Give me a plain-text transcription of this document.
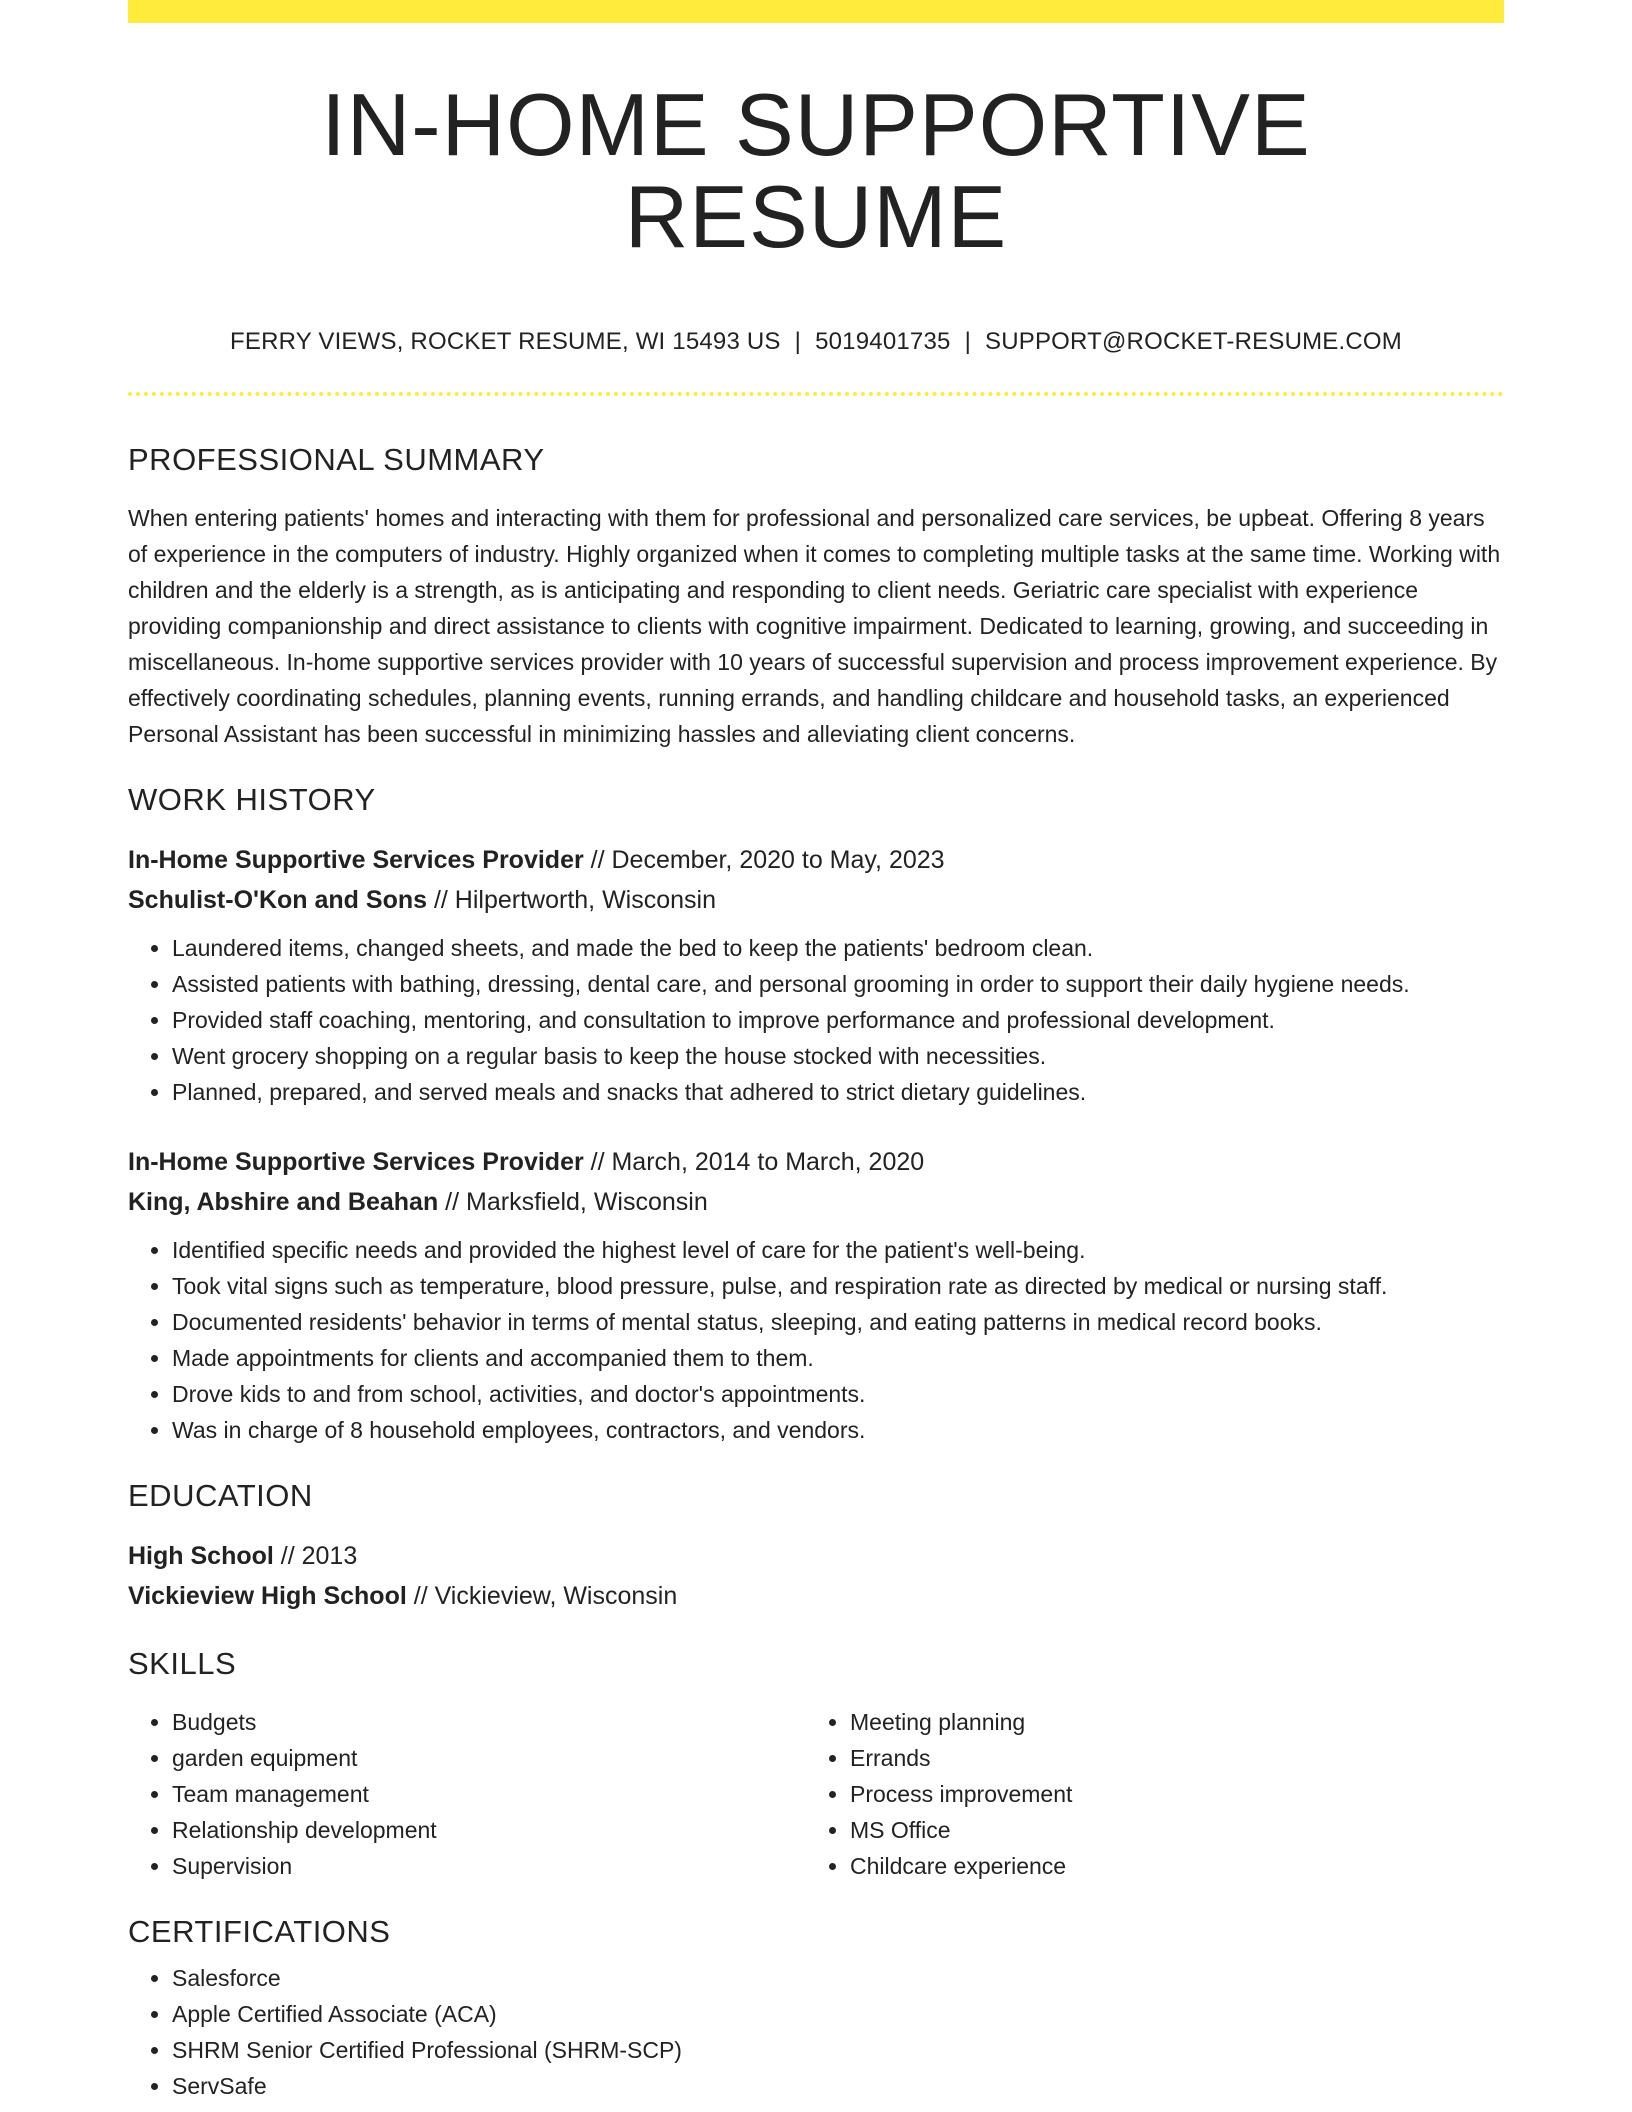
IN-HOME SUPPORTIVE RESUME
FERRY VIEWS, ROCKET RESUME, WI 15493 US | 5019401735 | SUPPORT@ROCKET-RESUME.COM
PROFESSIONAL SUMMARY
When entering patients' homes and interacting with them for professional and personalized care services, be upbeat. Offering 8 years of experience in the computers of industry. Highly organized when it comes to completing multiple tasks at the same time. Working with children and the elderly is a strength, as is anticipating and responding to client needs. Geriatric care specialist with experience providing companionship and direct assistance to clients with cognitive impairment. Dedicated to learning, growing, and succeeding in miscellaneous. In-home supportive services provider with 10 years of successful supervision and process improvement experience. By effectively coordinating schedules, planning events, running errands, and handling childcare and household tasks, an experienced Personal Assistant has been successful in minimizing hassles and alleviating client concerns.
WORK HISTORY
In-Home Supportive Services Provider // December, 2020 to May, 2023
Schulist-O'Kon and Sons // Hilpertworth, Wisconsin
• Laundered items, changed sheets, and made the bed to keep the patients' bedroom clean.
• Assisted patients with bathing, dressing, dental care, and personal grooming in order to support their daily hygiene needs.
• Provided staff coaching, mentoring, and consultation to improve performance and professional development.
• Went grocery shopping on a regular basis to keep the house stocked with necessities.
• Planned, prepared, and served meals and snacks that adhered to strict dietary guidelines.
In-Home Supportive Services Provider // March, 2014 to March, 2020
King, Abshire and Beahan // Marksfield, Wisconsin
• Identified specific needs and provided the highest level of care for the patient's well-being.
• Took vital signs such as temperature, blood pressure, pulse, and respiration rate as directed by medical or nursing staff.
• Documented residents' behavior in terms of mental status, sleeping, and eating patterns in medical record books.
• Made appointments for clients and accompanied them to them.
• Drove kids to and from school, activities, and doctor's appointments.
• Was in charge of 8 household employees, contractors, and vendors.
EDUCATION
High School // 2013
Vickieview High School // Vickieview, Wisconsin
SKILLS
• Budgets
• garden equipment
• Team management
• Relationship development
• Supervision
• Meeting planning
• Errands
• Process improvement
• MS Office
• Childcare experience
CERTIFICATIONS
• Salesforce
• Apple Certified Associate (ACA)
• SHRM Senior Certified Professional (SHRM-SCP)
• ServSafe
